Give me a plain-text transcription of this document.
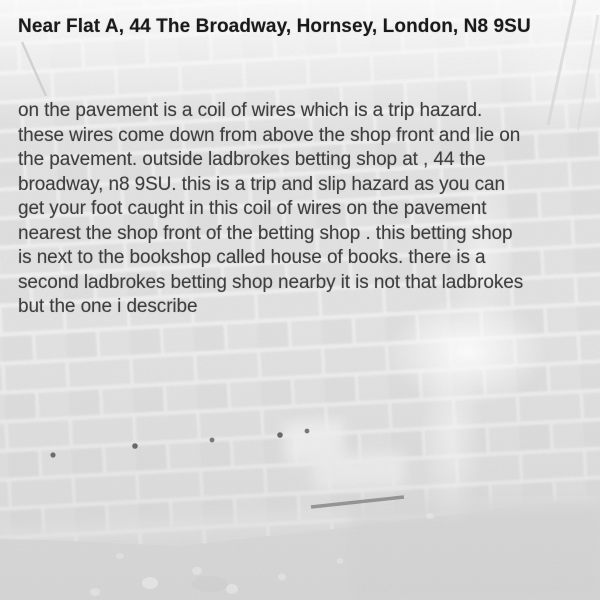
Near Flat A, 44 The Broadway, Hornsey, London, N8 9SU
on the pavement is a coil of wires which is a trip hazard.
these wires come down from above the shop front and lie on
the pavement. outside ladbrokes betting shop at , 44 the
broadway, n8 9SU. this is a trip and slip hazard as you can
get your foot caught in this coil of wires on the pavement
nearest the shop front of the betting shop . this betting shop
is next to the bookshop called house of books. there is a
second ladbrokes betting shop nearby it is not that ladbrokes
but the one i describe
